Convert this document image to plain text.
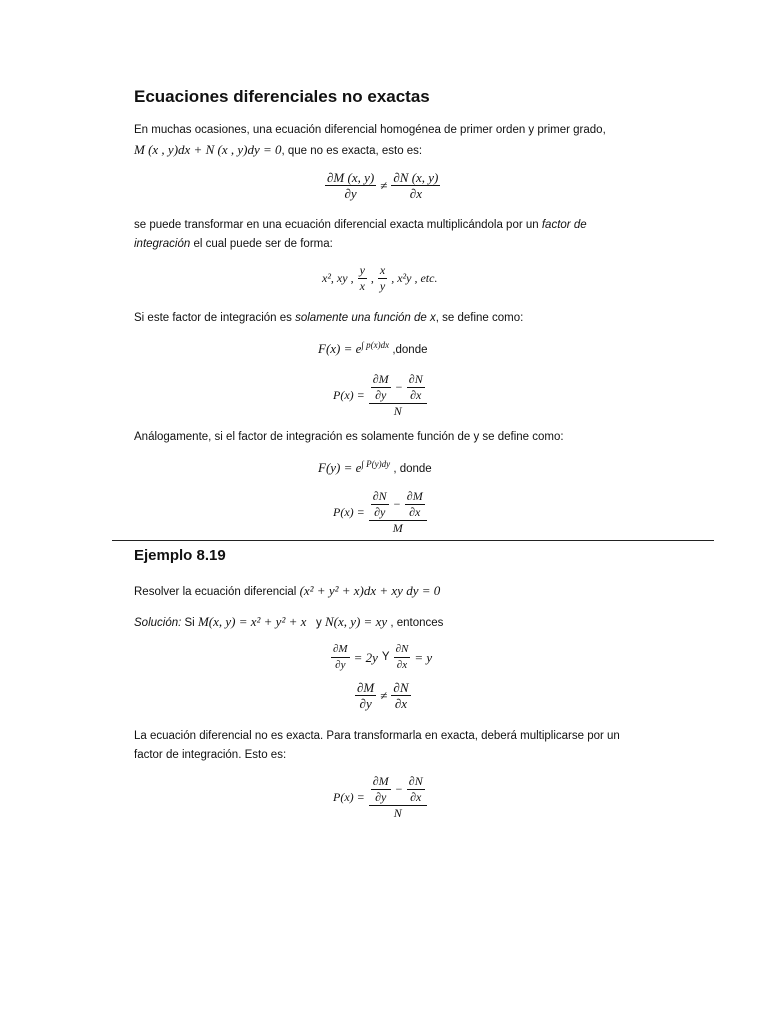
Ecuaciones diferenciales no exactas
En muchas ocasiones, una ecuación diferencial homogénea de primer orden y primer grado,
M (x , y)dx + N (x , y)dy = 0, que no es exacta, esto es:
$\frac{\partial M (x, y)}{\partial y} \ne \frac{\partial N (x, y)}{\partial x}$
se puede transformar en una ecuación diferencial exacta multiplicándola por un factor de
integración el cual puede ser de forma:
x², xy , $\frac{y}{x}$ , $\frac{x}{y}$ , x²y , etc.
Si este factor de integración es solamente una función de x, se define como:
$F(x) = e^{\int p(x)dx}$ ,donde
$P(x) = \frac{\frac{\partial M}{\partial y} - \frac{\partial N}{\partial x}}{N}$
Análogamente, si el factor de integración es solamente función de y se define como:
$F(y) = e^{\int P(y)dy}$ , donde
$P(x) = \frac{\frac{\partial N}{\partial y} - \frac{\partial M}{\partial x}}{M}$
Ejemplo 8.19
Resolver la ecuación diferencial (x² + y² + x)dx + xy dy = 0
Solución: Si M(x, y) = x² + y² + x y N(x, y) = xy , entonces
$\frac{\partial M}{\partial y} = 2y$ Y $\frac{\partial N}{\partial x} = y$
$\frac{\partial M}{\partial y} \ne \frac{\partial N}{\partial x}$
La ecuación diferencial no es exacta. Para transformarla en exacta, deberá multiplicarse por un
factor de integración. Esto es:
$P(x) = \frac{\frac{\partial M}{\partial y} - \frac{\partial N}{\partial x}}{N}$
